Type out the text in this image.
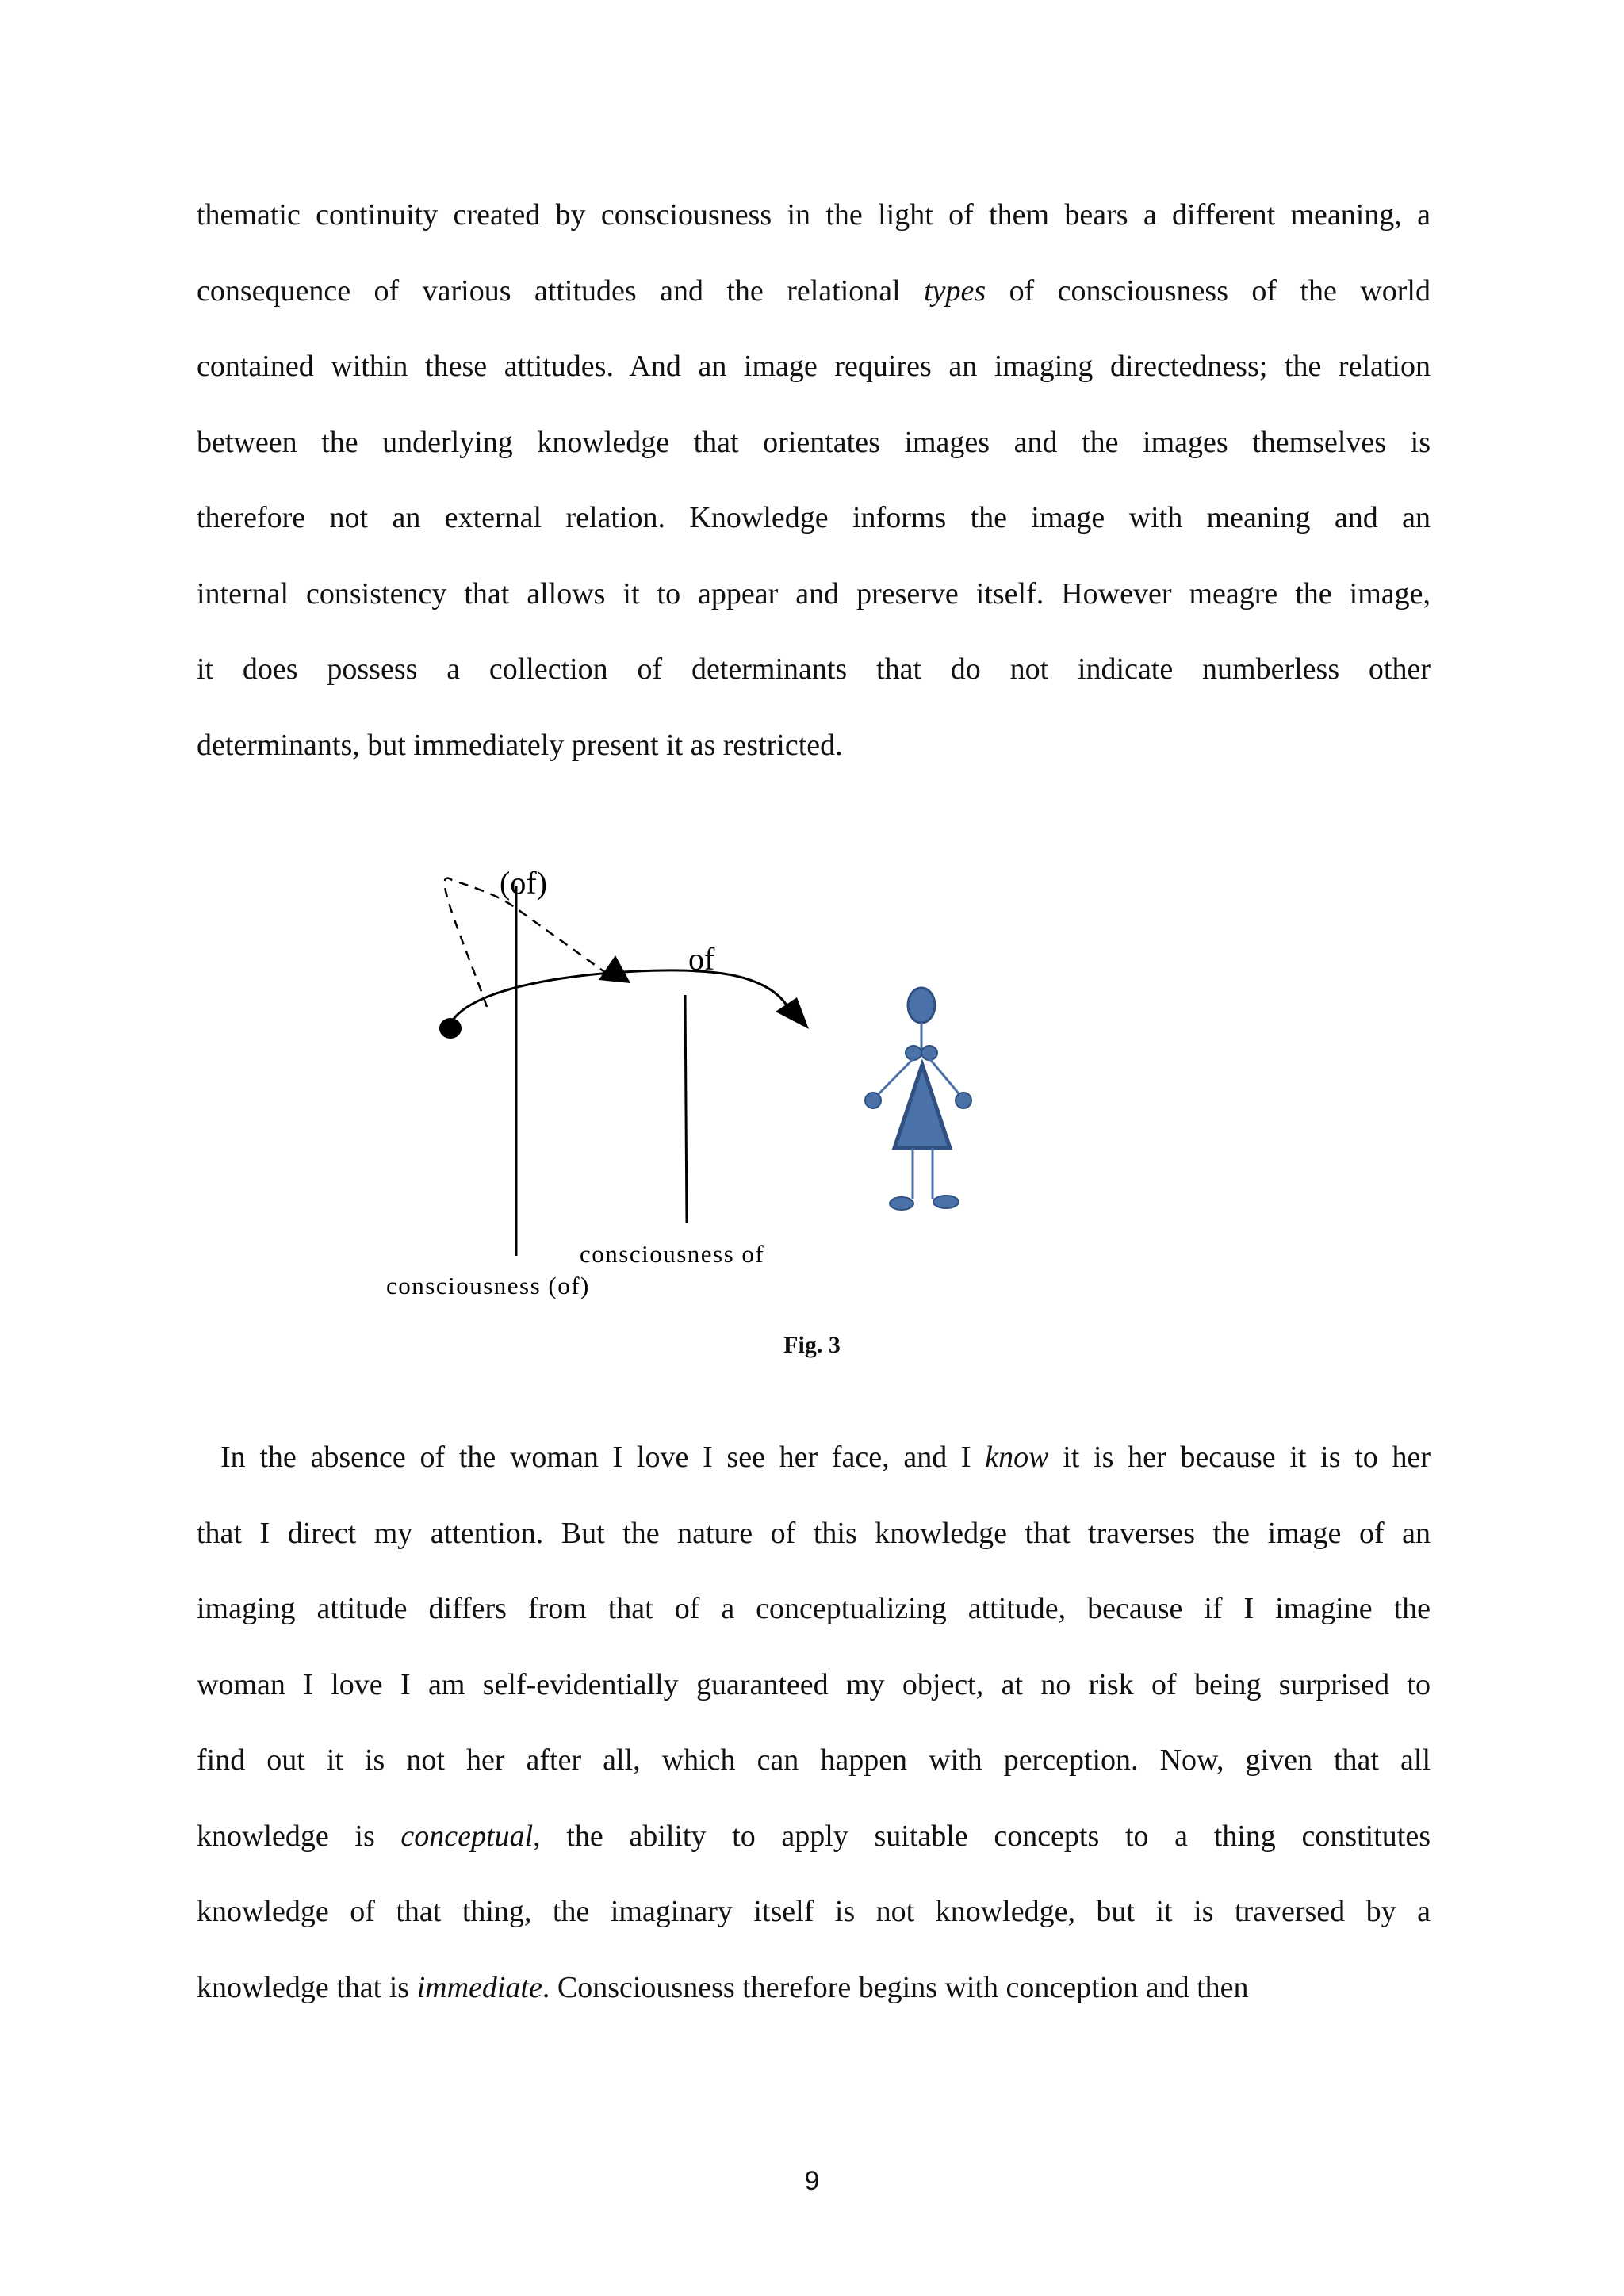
thematic continuity created by consciousness in the light of them bears a different meaning, a
consequence of various attitudes and the relational types of consciousness of the world
contained within these attitudes. And an image requires an imaging directedness; the relation
between the underlying knowledge that orientates images and the images themselves is
therefore not an external relation. Knowledge informs the image with meaning and an
internal consistency that allows it to appear and preserve itself. However meagre the image,
it does possess a collection of determinants that do not indicate numberless other
determinants, but immediately present it as restricted.
(of)
of
consciousness of
consciousness (of)
Fig. 3
In the absence of the woman I love I see her face, and I know it is her because it is to her
that I direct my attention. But the nature of this knowledge that traverses the image of an
imaging attitude differs from that of a conceptualizing attitude, because if I imagine the
woman I love I am self-evidentially guaranteed my object, at no risk of being surprised to
find out it is not her after all, which can happen with perception. Now, given that all
knowledge is conceptual, the ability to apply suitable concepts to a thing constitutes
knowledge of that thing, the imaginary itself is not knowledge, but it is traversed by a
knowledge that is immediate. Consciousness therefore begins with conception and then
9
